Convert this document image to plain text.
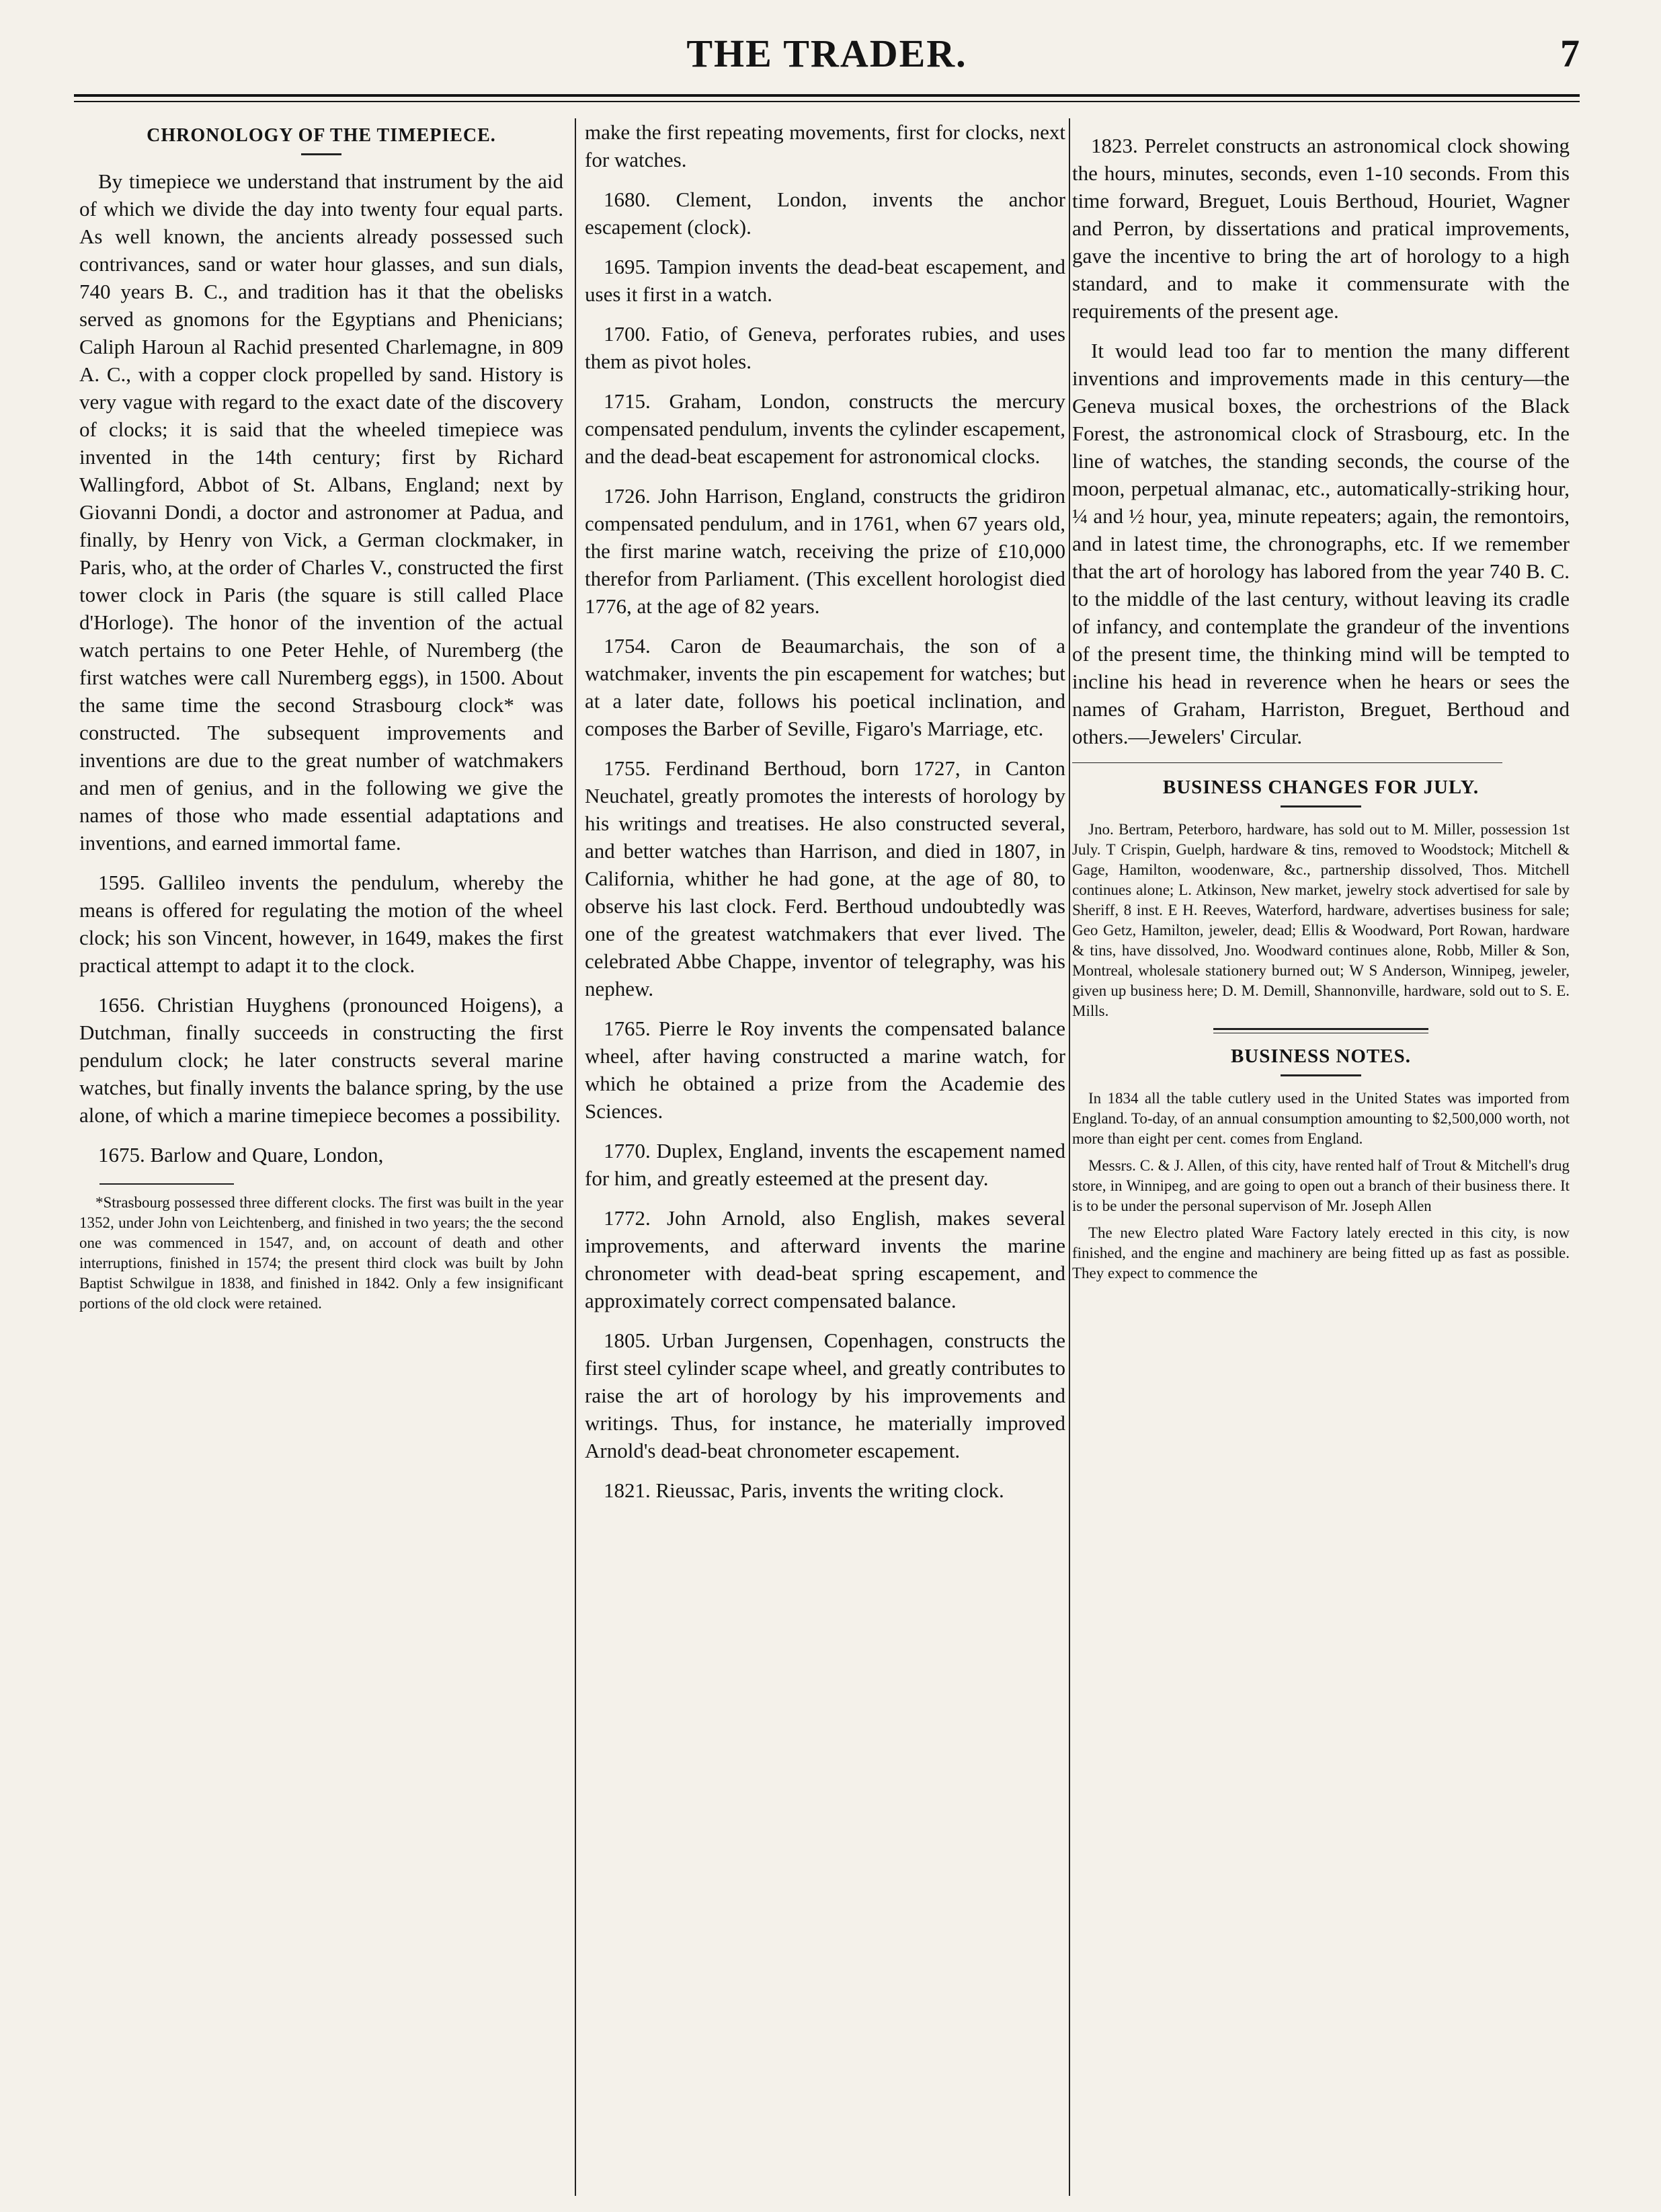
THE TRADER.	7
CHRONOLOGY OF THE TIMEPIECE.

By timepiece we understand that instrument by the aid of which we divide the day into twenty four equal parts. As well known, the ancients already possessed such contrivances, sand or water hour glasses, and sun dials, 740 years B. C., and tradition has it that the obelisks served as gnomons for the Egyptians and Phenicians; Caliph Haroun al Rachid presented Charlemagne, in 809 A. C., with a copper clock propelled by sand. History is very vague with regard to the exact date of the discovery of clocks; it is said that the wheeled timepiece was invented in the 14th century; first by Richard Wallingford, Abbot of St. Albans, England; next by Giovanni Dondi, a doctor and astronomer at Padua, and finally, by Henry von Vick, a German clockmaker, in Paris, who, at the order of Charles V., constructed the first tower clock in Paris (the square is still called Place d'Horloge). The honor of the invention of the actual watch pertains to one Peter Hehle, of Nuremberg (the first watches were call Nuremberg eggs), in 1500. About the same time the second Strasbourg clock* was constructed. The subsequent improvements and inventions are due to the great number of watchmakers and men of genius, and in the following we give the names of those who made essential adaptations and inventions, and earned immortal fame.

1595. Gallileo invents the pendulum, whereby the means is offered for regulating the motion of the wheel clock; his son Vincent, however, in 1649, makes the first practical attempt to adapt it to the clock.

1656. Christian Huyghens (pronounced Hoigens), a Dutchman, finally succeeds in constructing the first pendulum clock; he later constructs several marine watches, but finally invents the balance spring, by the use alone, of which a marine timepiece becomes a possibility.

1675. Barlow and Quare, London,

*Strasbourg possessed three different clocks. The first was built in the year 1352, under John von Leichtenberg, and finished in two years; the the second one was commenced in 1547, and, on account of death and other interruptions, finished in 1574; the present third clock was built by John Baptist Schwilgue in 1838, and finished in 1842. Only a few insignificant portions of the old clock were retained.

make the first repeating movements, first for clocks, next for watches.

1680. Clement, London, invents the anchor escapement (clock).

1695. Tampion invents the dead-beat escapement, and uses it first in a watch.

1700. Fatio, of Geneva, perforates rubies, and uses them as pivot holes.

1715. Graham, London, constructs the mercury compensated pendulum, invents the cylinder escapement, and the dead-beat escapement for astronomical clocks.

1726. John Harrison, England, constructs the gridiron compensated pendulum, and in 1761, when 67 years old, the first marine watch, receiving the prize of £10,000 therefor from Parliament. (This excellent horologist died 1776, at the age of 82 years.

1754. Caron de Beaumarchais, the son of a watchmaker, invents the pin escapement for watches; but at a later date, follows his poetical inclination, and composes the Barber of Seville, Figaro's Marriage, etc.

1755. Ferdinand Berthoud, born 1727, in Canton Neuchatel, greatly promotes the interests of horology by his writings and treatises. He also constructed several, and better watches than Harrison, and died in 1807, in California, whither he had gone, at the age of 80, to observe his last clock. Ferd. Berthoud undoubtedly was one of the greatest watchmakers that ever lived. The celebrated Abbe Chappe, inventor of telegraphy, was his nephew.

1765. Pierre le Roy invents the compensated balance wheel, after having constructed a marine watch, for which he obtained a prize from the Academie des Sciences.

1770. Duplex, England, invents the escapement named for him, and greatly esteemed at the present day.

1772. John Arnold, also English, makes several improvements, and afterward invents the marine chronometer with dead-beat spring escapement, and approximately correct compensated balance.

1805. Urban Jurgensen, Copenhagen, constructs the first steel cylinder scape wheel, and greatly contributes to raise the art of horology by his improvements and writings. Thus, for instance, he materially improved Arnold's dead-beat chronometer escapement.

1821. Rieussac, Paris, invents the writing clock.

1823. Perrelet constructs an astronomical clock showing the hours, minutes, seconds, even 1-10 seconds. From this time forward, Breguet, Louis Berthoud, Houriet, Wagner and Perron, by dissertations and pratical improvements, gave the incentive to bring the art of horology to a high standard, and to make it commensurate with the requirements of the present age.

It would lead too far to mention the many different inventions and improvements made in this century—the Geneva musical boxes, the orchestrions of the Black Forest, the astronomical clock of Strasbourg, etc. In the line of watches, the standing seconds, the course of the moon, perpetual almanac, etc., automatically-striking hour, ¼ and ½ hour, yea, minute repeaters; again, the remontoirs, and in latest time, the chronographs, etc. If we remember that the art of horology has labored from the year 740 B. C. to the middle of the last century, without leaving its cradle of infancy, and contemplate the grandeur of the inventions of the present time, the thinking mind will be tempted to incline his head in reverence when he hears or sees the names of Graham, Harriston, Breguet, Berthoud and others.—Jewelers' Circular.

BUSINESS CHANGES FOR JULY.

Jno. Bertram, Peterboro, hardware, has sold out to M. Miller, possession 1st July. T Crispin, Guelph, hardware & tins, removed to Woodstock; Mitchell & Gage, Hamilton, woodenware, &c., partnership dissolved, Thos. Mitchell continues alone; L. Atkinson, New market, jewelry stock advertised for sale by Sheriff, 8 inst. E H. Reeves, Waterford, hardware, advertises business for sale; Geo Getz, Hamilton, jeweler, dead; Ellis & Woodward, Port Rowan, hardware & tins, have dissolved, Jno. Woodward continues alone, Robb, Miller & Son, Montreal, wholesale stationery burned out; W S Anderson, Winnipeg, jeweler, given up business here; D. M. Demill, Shannonville, hardware, sold out to S. E. Mills.

BUSINESS NOTES.

In 1834 all the table cutlery used in the United States was imported from England. To-day, of an annual consumption amounting to $2,500,000 worth, not more than eight per cent. comes from England.

Messrs. C. & J. Allen, of this city, have rented half of Trout & Mitchell's drug store, in Winnipeg, and are going to open out a branch of their business there. It is to be under the personal supervison of Mr. Joseph Allen

The new Electro plated Ware Factory lately erected in this city, is now finished, and the engine and machinery are being fitted up as fast as possible. They expect to commence the
